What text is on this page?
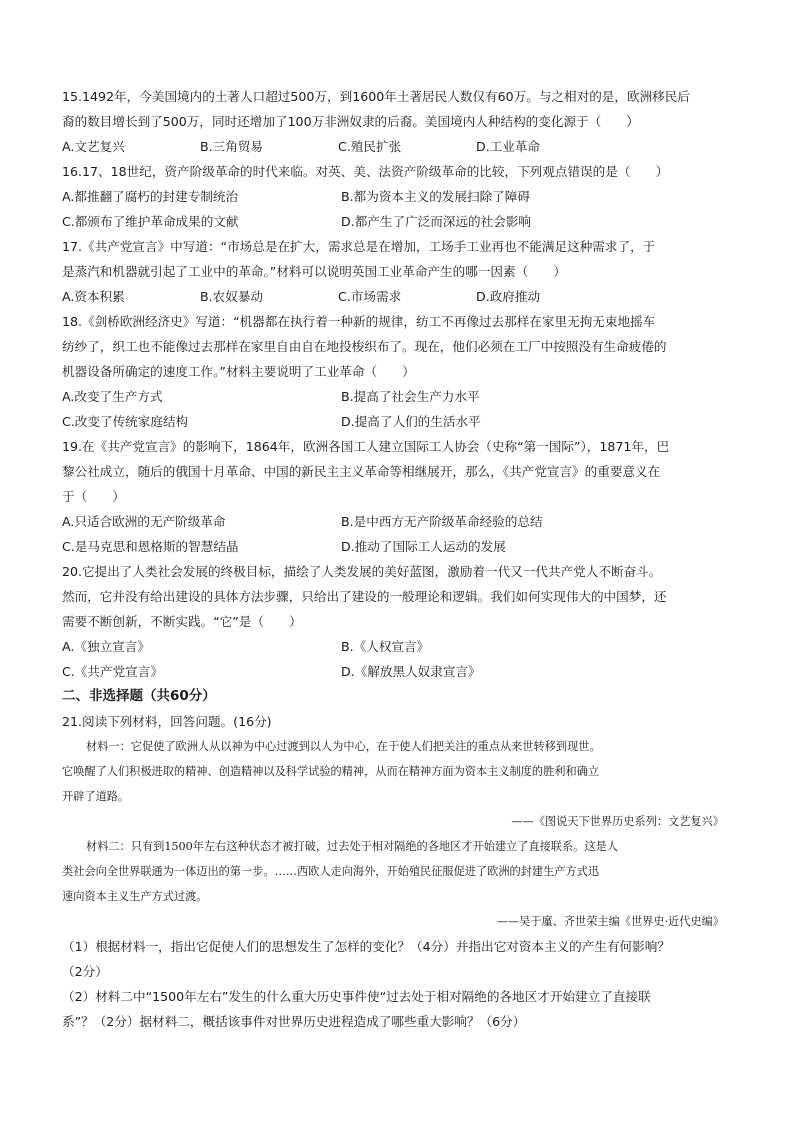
15.1492年，今美国境内的土著人口超过500万，到1600年土著居民人数仅有60万。与之相对的是，欧洲移民后
裔的数目增长到了500万，同时还增加了100万非洲奴隶的后裔。美国境内人种结构的变化源于（　　）
A.文艺复兴	B.三角贸易	C.殖民扩张	D.工业革命
16.17、18世纪，资产阶级革命的时代来临。对英、美、法资产阶级革命的比较，下列观点错误的是（　　）
A.都推翻了腐朽的封建专制统治	B.都为资本主义的发展扫除了障碍
C.都颁布了维护革命成果的文献	D.都产生了广泛而深远的社会影响
17.《共产党宣言》中写道：“市场总是在扩大，需求总是在增加，工场手工业再也不能满足这种需求了，于
是蒸汽和机器就引起了工业中的革命。”材料可以说明英国工业革命产生的哪一因素（　　）
A.资本积累	B.农奴暴动	C.市场需求	D.政府推动
18.《剑桥欧洲经济史》写道：“机器都在执行着一种新的规律，纺工不再像过去那样在家里无拘无束地摇车
纺纱了，织工也不能像过去那样在家里自由自在地投梭织布了。现在，他们必须在工厂中按照没有生命疲倦的
机器设备所确定的速度工作。”材料主要说明了工业革命（　　）
A.改变了生产方式	B.提高了社会生产力水平
C.改变了传统家庭结构	D.提高了人们的生活水平
19.在《共产党宣言》的影响下，1864年，欧洲各国工人建立国际工人协会（史称“第一国际”），1871年，巴
黎公社成立，随后的俄国十月革命、中国的新民主主义革命等相继展开，那么，《共产党宣言》的重要意义在
于（　　）
A.只适合欧洲的无产阶级革命	B.是中西方无产阶级革命经验的总结
C.是马克思和恩格斯的智慧结晶	D.推动了国际工人运动的发展
20.它提出了人类社会发展的终极目标，描绘了人类发展的美好蓝图，激励着一代又一代共产党人不断奋斗。
然而，它并没有给出建设的具体方法步骤，只给出了建设的一般理论和逻辑。我们如何实现伟大的中国梦，还
需要不断创新，不断实践。“它”是（　　）
A.《独立宣言》	B.《人权宣言》
C.《共产党宣言》	D.《解放黑人奴隶宣言》
二、非选择题（共60分）
21.阅读下列材料，回答问题。(16分)
材料一：它促使了欧洲人从以神为中心过渡到以人为中心，在于使人们把关注的重点从来世转移到现世。
它唤醒了人们积极进取的精神、创造精神以及科学试验的精神，从而在精神方面为资本主义制度的胜利和确立
开辟了道路。
——《图说天下世界历史系列：文艺复兴》
材料二：只有到1500年左右这种状态才被打破，过去处于相对隔绝的各地区才开始建立了直接联系。这是人
类社会向全世界联通为一体迈出的第一步。……西欧人走向海外，开始殖民征服促进了欧洲的封建生产方式迅
速向资本主义生产方式过渡。
——吴于廑、齐世荣主编《世界史·近代史编》
（1）根据材料一，指出它促使人们的思想发生了怎样的变化？（4分）并指出它对资本主义的产生有何影响？
（2分）
（2）材料二中“1500年左右”发生的什么重大历史事件使“过去处于相对隔绝的各地区才开始建立了直接联
系”？（2分）据材料二，概括该事件对世界历史进程造成了哪些重大影响？（6分）
